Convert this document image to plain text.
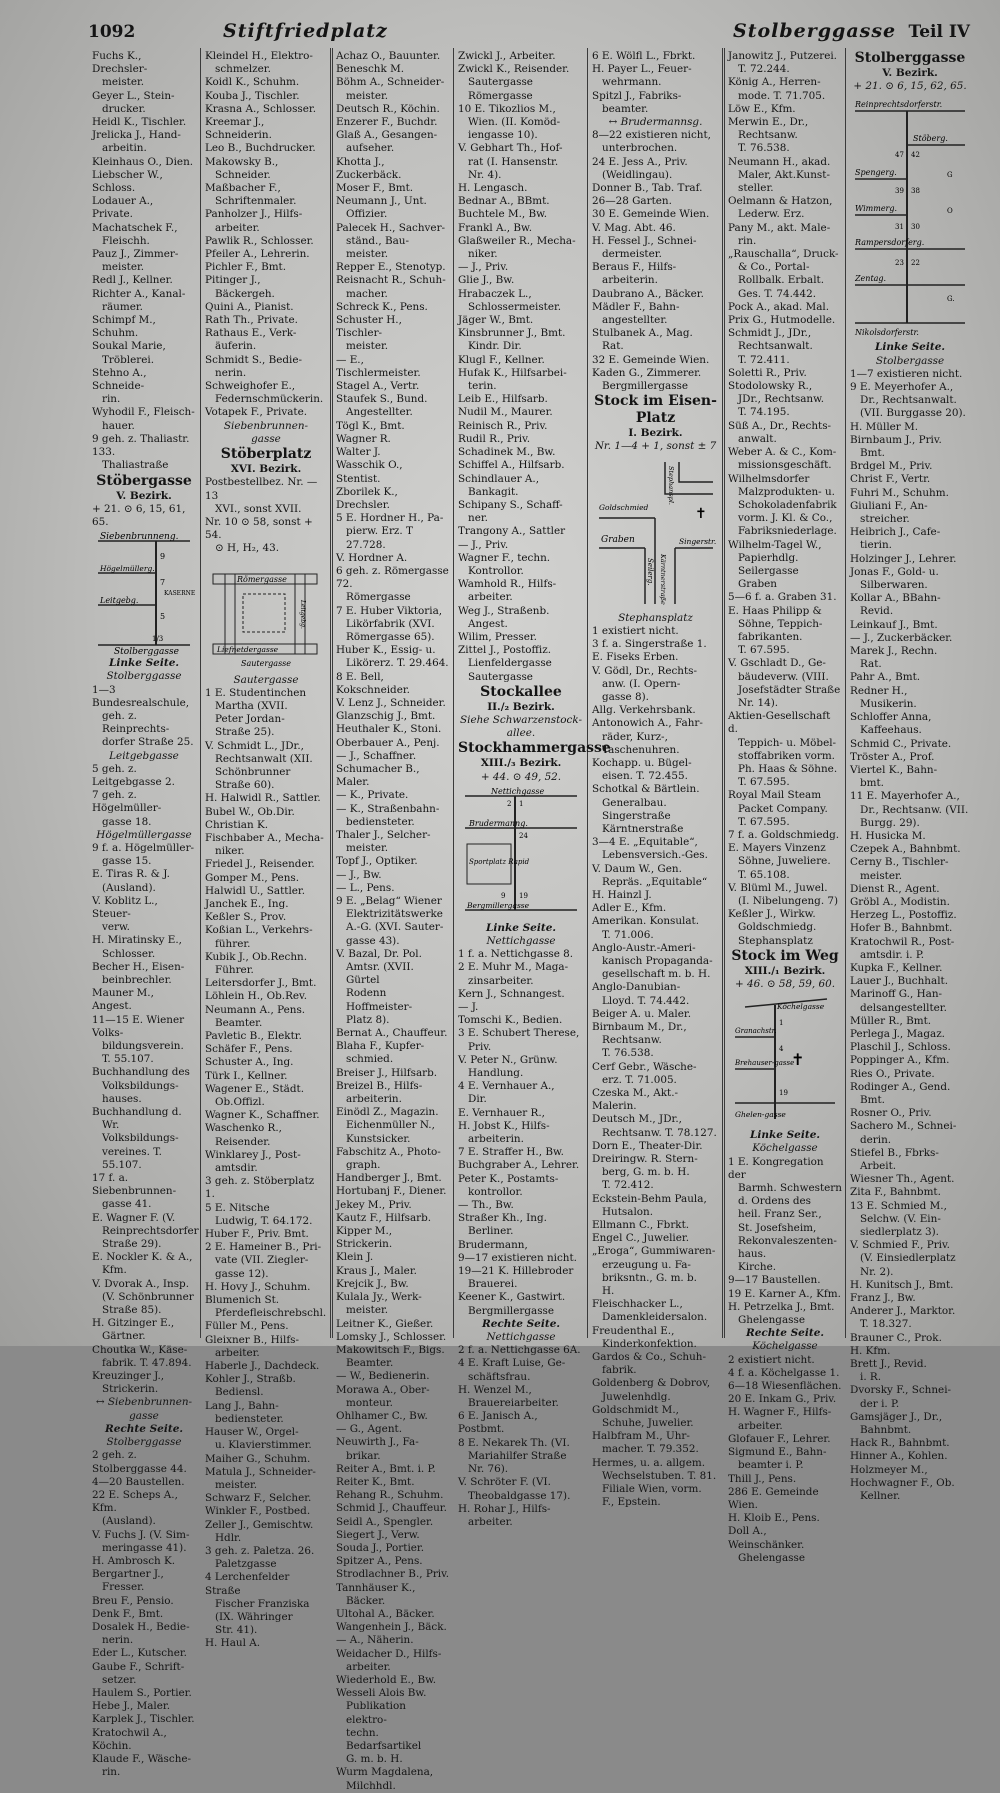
1092	Stiftfriedplatz	Stolberggasse Teil IV

Fuchs K., Drechsler-

meister.

Geyer L., Stein-

drucker.

Heidl K., Tischler.

Jrelicka J., Hand-

arbeitin.

Kleinhaus O., Dien.

Liebscher W., Schloss.

Lodauer A., Private.

Machatschek F.,

Fleischh.

Pauz J., Zimmer-

meister.

Redl J., Kellner.

Richter A., Kanal-

räumer.

Schimpf M., Schuhm.

Soukal Marie,

Tröblerei.

Stehno A., Schneide-

rin.

Wyhodil F., Fleisch-

hauer.

9 geh. z. Thaliastr. 133.

Thaliastraße

Stöbergasse

V. Bezirk.

+ 21. ⊙ 6, 15, 61, 65.

Siebenbrunneng.
Högelmüllerg.
Leitgebg.
Stolberggasse
9
7
5
1/3
KASERNE

Linke Seite.

Stolberggasse

1—3 Bundesrealschule,

geh. z. Reinprechts-

dorfer Straße 25.

Leitgebgasse

5 geh. z. Leitgebgasse 2.

7 geh. z. Högelmüller-

gasse 18.

Högelmüllergasse

9 f. a. Högelmüller-

gasse 15.

E. Tiras R. & J.

(Ausland).

V. Koblitz L., Steuer-

verw.

H. Miratinsky E.,

Schlosser.

Becher H., Eisen-

beinbrechler.

Mauner M., Angest.

11—15 E. Wiener Volks-

bildungsverein.

T. 55.107.

Buchhandlung des

Volksbildungs-

hauses.

Buchhandlung d.

Wr. Volksbildungs-

vereines. T. 55.107.

17 f. a. Siebenbrunnen-

gasse 41.

E. Wagner F. (V.

Reinprechtsdorfer

Straße 29).

E. Nockler K. & A.,

Kfm.

V. Dvorak A., Insp.

(V. Schönbrunner

Straße 85).

H. Gitzinger E.,

Gärtner.

Choutka W., Käse-

fabrik. T. 47.894.

Kreuzinger J.,

Strickerin.

↔ Siebenbrunnen-

gasse

Rechte Seite.

Stolberggasse

2 geh. z. Stolberggasse 44.

4—20 Baustellen.

22 E. Scheps A., Kfm.

(Ausland).

V. Fuchs J. (V. Sim-

meringasse 41).

H. Ambrosch K.

Bergartner J.,

Fresser.

Breu F., Pensio.

Denk F., Bmt.

Dosalek H., Bedie-

nerin.

Eder L., Kutscher.

Gaube F., Schrift-

setzer.

Haulem S., Portier.

Hebe J., Maler.

Karplek J., Tischler.

Kratochwil A., Köchin.

Klaude F., Wäsche-

rin.

Kleindel H., Elektro-

schmelzer.

Koidl K., Schuhm.

Kouba J., Tischler.

Krasna A., Schlosser.

Kreemar J., Schneiderin.

Leo B., Buchdrucker.

Makowsky B.,

Schneider.

Maßbacher F.,

Schriftenmaler.

Panholzer J., Hilfs-

arbeiter.

Pawlik R., Schlosser.

Pfeiler A., Lehrerin.

Pichler F., Bmt.

Pitinger J.,

Bäckergeh.

Quini A., Pianist.

Rath Th., Private.

Rathaus E., Verk-

äuferin.

Schmidt S., Bedie-

nerin.

Schweighofer E.,

Federnschmückerin.

Votapek F., Private.

Siebenbrunnen-

gasse

Stöberplatz

XVI. Bezirk.

Postbestellbez. Nr. —13

XVI., sonst XVII.

Nr. 10 ⊙ 58, sonst + 54.

⊙ H, H₂, 43.

Römergasse
Sautergasse
Liefnetdergasse
Leitgebg.

Sautergasse

1 E. Studentinchen

Martha (XVII.

Peter Jordan-

Straße 25).

V. Schmidt L., JDr.,

Rechtsanwalt (XII.

Schönbrunner

Straße 60).

H. Halwidl R., Sattler.

Bubel W., Ob.Dir.

Christian K.

Fischbaber A., Mecha-

niker.

Friedel J., Reisender.

Gomper M., Pens.

Halwidl U., Sattler.

Janchek E., Ing.

Keßler S., Prov.

Koßian L., Verkehrs-

führer.

Kubik J., Ob.Rechn.

Führer.

Leitersdorfer J., Bmt.

Löhlein H., Ob.Rev.

Neumann A., Pens.

Beamter.

Pavletic B., Elektr.

Schäfer F., Pens.

Schuster A., Ing.

Türk I., Kellner.

Wagener E., Städt.

Ob.Offizl.

Wagner K., Schaffner.

Waschenko R.,

Reisender.

Winklarey J., Post-

amtsdir.

3 geh. z. Stöberplatz 1.

5 E. Nitsche

Ludwig, T. 64.172.

Huber F., Priv. Bmt.

2 E. Hameiner B., Pri-

vate (VII. Ziegler-

gasse 12).

H. Hovy J., Schuhm.

Blumenich St.

Pferdefleischrebschl.

Füller M., Pens.

Gleixner B., Hilfs-

arbeiter.

Haberle J., Dachdeck.

Kohler J., Straßb.

Bediensl.

Lang J., Bahn-

bediensteter.

Hauser W., Orgel-

u. Klavierstimmer.

Maiher G., Schuhm.

Matula J., Schneider-

meister.

Schwarz F., Selcher.

Winkler F., Postbed.

Zeller J., Gemischtw.

Hdlr.

3 geh. z. Paletza. 26.

Paletzgasse

4 Lerchenfelder Straße

Fischer Franziska

(IX. Währinger

Str. 41).

H. Haul A.

Achaz O., Bauunter.

Beneschk M.

Böhm A., Schneider-

meister.

Deutsch R., Köchin.

Enzerer F., Buchdr.

Glaß A., Gesangen-

aufseher.

Khotta J., Zuckerbäck.

Moser F., Bmt.

Neumann J., Unt.

Offizier.

Palecek H., Sachver-

ständ., Bau-

meister.

Repper E., Stenotyp.

Reisnacht R., Schuh-

macher.

Schreck K., Pens.

Schuster H., Tischler-

meister.

— E., Tischlermeister.

Stagel A., Vertr.

Staufek S., Bund.

Angestellter.

Tögl K., Bmt.

Wagner R.

Walter J.

Wasschik O., Stentist.

Zborilek K., Drechsler.

5 E. Hordner H., Pa-

pierw. Erz. T 27.728.

V. Hordner A.

6 geh. z. Römergasse 72.

Römergasse

7 E. Huber Viktoria,

Likörfabrik (XVI.

Römergasse 65).

Huber K., Essig- u.

Likörerz. T. 29.464.

8 E. Bell, Kokschneider.

V. Lenz J., Schneider.

Glanzschig J., Bmt.

Heuthaler K., Stoni.

Oberbauer A., Penj.

— J., Schaffner.

Schumacher B., Maler.

— K., Private.

— K., Straßenbahn-

bediensteter.

Thaler J., Selcher-

meister.

Topf J., Optiker.

— J., Bw.

— L., Pens.

9 E. „Belag“ Wiener

Elektrizitätswerke

A.-G. (XVI. Sauter-

gasse 43).

V. Bazal, Dr. Pol.

Amtsr. (XVII. Gürtel

Rodenn Hoffmeister-

Platz 8).

Bernat A., Chauffeur.

Blaha F., Kupfer-

schmied.

Breiser J., Hilfsarb.

Breizel B., Hilfs-

arbeiterin.

Einödl Z., Magazin.

Eichenmüller N.,

Kunstsicker.

Fabschitz A., Photo-

graph.

Handberger J., Bmt.

Hortubanj F., Diener.

Jekey M., Priv.

Kautz F., Hilfsarb.

Kipper M., Strickerin.

Klein J.

Kraus J., Maler.

Krejcik J., Bw.

Kulala Jy., Werk-

meister.

Leitner K., Gießer.

Lomsky J., Schlosser.

Makowitsch F., Bigs.

Beamter.

— W., Bedienerin.

Morawa A., Ober-

monteur.

Ohlhamer C., Bw.

— G., Agent.

Neuwirth J., Fa-

brikar.

Reiter A., Bmt. i. P.

Reiter K., Bmt.

Rehang R., Schuhm.

Schmid J., Chauffeur.

Seidl A., Spengler.

Siegert J., Verw.

Souda J., Portier.

Spitzer A., Pens.

Strodlachner B., Priv.

Tannhäuser K.,

Bäcker.

Ultohal A., Bäcker.

Wangenhein J., Bäck.

— A., Näherin.

Weidacher D., Hilfs-

arbeiter.

Wiederhold E., Bw.

Wesseli Alois Bw.

Publikation elektro-

techn. Bedarfsartikel

G. m. b. H.

Wurm Magdalena,

Milchhdl.

Zwickl J., Arbeiter.

Zwickl K., Reisender.

Sautergasse

Römergasse

10 E. Tikozlios M.,

Wien. (II. Komöd-

iengasse 10).

V. Gebhart Th., Hof-

rat (I. Hansenstr.

Nr. 4).

H. Lengasch.

Bednar A., BBmt.

Buchtele M., Bw.

Frankl A., Bw.

Glaßweiler R., Mecha-

niker.

— J., Priv.

Glie J., Bw.

Hrabaczek L.,

Schlossermeister.

Jäger W., Bmt.

Kinsbrunner J., Bmt.

Kindr. Dir.

Klugl F., Kellner.

Hufak K., Hilfsarbei-

terin.

Leib E., Hilfsarb.

Nudil M., Maurer.

Reinisch R., Priv.

Rudil R., Priv.

Schadinek M., Bw.

Schiffel A., Hilfsarb.

Schindlauer A.,

Bankagit.

Schipany S., Schaff-

ner.

Trangony A., Sattler

— J., Priv.

Wagner F., techn.

Kontrollor.

Wamhold R., Hilfs-

arbeiter.

Weg J., Straßenb.

Angest.

Wilim, Presser.

Zittel J., Postoffiz.

Lienfeldergasse

Sautergasse

Stockallee

II./₂ Bezirk.

Siehe Schwarzenstock-

allee.

Stockhammergasse

XIII./₃ Bezirk.

+ 44. ⊙ 49, 52.

Nettichgasse
Brudermanng.
Sportplatz Rapid
Bergmillergasse
1
2
24
19
9

Linke Seite.

Nettichgasse

1 f. a. Nettichgasse 8.

2 E. Muhr M., Maga-

zinsarbeiter.

Kern J., Schnangest.

— J.

Tomschi K., Bedien.

3 E. Schubert Therese,

Priv.

V. Peter N., Grünw.

Handlung.

4 E. Vernhauer A.,

Dir.

E. Vernhauer R.,

H. Jobst K., Hilfs-

arbeiterin.

7 E. Straffer H., Bw.

Buchgraber A., Lehrer.

Peter K., Postamts-

kontrollor.

— Th., Bw.

Straßer Kh., Ing.

Berliner.

Brudermann,

9—17 existieren nicht.

19—21 K. Hillebroder

Brauerei.

Keener K., Gastwirt.

Bergmillergasse

Rechte Seite.

Nettichgasse

2 f. a. Nettichgasse 6A.

4 E. Kraft Luise, Ge-

schäftsfrau.

H. Wenzel M.,

Brauereiarbeiter.

6 E. Janisch A., Postbmt.

8 E. Nekarek Th. (VI.

Mariahilfer Straße

Nr. 76).

V. Schröter F. (VI.

Theobaldgasse 17).

H. Rohar J., Hilfs-

arbeiter.

6 E. Wölfl L., Fbrkt.

H. Payer L., Feuer-

wehrmann.

Spitzl J., Fabriks-

beamter.

↔ Brudermannsg.

8—22 existieren nicht,

unterbrochen.

24 E. Jess A., Priv.

(Weidlingau).

Donner B., Tab. Traf.

26—28 Garten.

30 E. Gemeinde Wien.

V. Mag. Abt. 46.

H. Fessel J., Schnei-

dermeister.

Beraus F., Hilfs-

arbeiterin.

Daubrano A., Bäcker.

Mädler F., Bahn-

angestellter.

Stulbanek A., Mag.

Rat.

32 E. Gemeinde Wien.

Kaden G., Zimmerer.

Bergmillergasse

Stock im Eisen-

Platz

I. Bezirk.

Nr. 1—4 + 1, sonst ± 7

✝
Goldschmied
Graben
Seilerg. Kärntnerstraße
Stephanspl.
Singerstr.

Stephansplatz

1 existiert nicht.

3 f. a. Singerstraße 1.

E. Fiseks Erben.

V. Gödl, Dr., Rechts-

anw. (I. Opern-

gasse 8).

Allg. Verkehrsbank.

Antonowich A., Fahr-

räder, Kurz-,

Taschenuhren.

Kochapp. u. Bügel-

eisen. T. 72.455.

Schotkal & Bärtlein.

Generalbau.

Singerstraße

Kärntnerstraße

3—4 E. „Equitable“,

Lebensversich.-Ges.

V. Daum W., Gen.

Repräs. „Equitable“

H. Hainzl J.

Adler E., Kfm.

Amerikan. Konsulat.

T. 71.006.

Anglo-Austr.-Ameri-

kanisch Propaganda-

gesellschaft m. b. H.

Anglo-Danubian-

Lloyd. T. 74.442.

Beiger A. u. Maler.

Birnbaum M., Dr.,

Rechtsanw.

T. 76.538.

Cerf Gebr., Wäsche-

erz. T. 71.005.

Czeska M., Akt.-Malerin.

Deutsch M., JDr.,

Rechtsanw. T. 78.127.

Dorn E., Theater-Dir.

Dreiringw. R. Stern-

berg, G. m. b. H.

T. 72.412.

Eckstein-Behm Paula,

Hutsalon.

Ellmann C., Fbrkt.

Engel C., Juwelier.

„Eroga“, Gummiwaren-

erzeugung u. Fa-

briksntn., G. m. b.

H.

Fleischhacker L.,

Damenkleidersalon.

Freudenthal E.,

Kinderkonfektion.

Gardos & Co., Schuh-

fabrik.

Goldenberg & Dobrov,

Juwelenhdlg.

Goldschmidt M.,

Schuhe, Juwelier.

Halbfram M., Uhr-

macher. T. 79.352.

Hermes, u. a. allgem.

Wechselstuben. T. 81.

Filiale Wien, vorm.

F., Epstein.

Janowitz J., Putzerei.

T. 72.244.

König A., Herren-

mode. T. 71.705.

Löw E., Kfm.

Merwin E., Dr.,

Rechtsanw.

T. 76.538.

Neumann H., akad.

Maler, Akt.Kunst-

steller.

Oelmann & Hatzon,

Lederw. Erz.

Pany M., akt. Male-

rin.

„Rauschalla“, Druck-

& Co., Portal-

Rollbalk. Erbalt.

Ges. T. 74.442.

Pock A., akad. Mal.

Prix G., Hutmodelle.

Schmidt J., JDr.,

Rechtsanwalt.

T. 72.411.

Soletti R., Priv.

Stodolowsky R.,

JDr., Rechtsanw.

T. 74.195.

Süß A., Dr., Rechts-

anwalt.

Weber A. & C., Kom-

missionsgeschäft.

Wilhelmsdorfer

Malzprodukten- u.

Schokoladenfabrik

vorm. J. Kl. & Co.,

Fabriksniederlage.

Wilhelm-Tagel W.,

Papierhdlg.

Seilergasse

Graben

5—6 f. a. Graben 31.

E. Haas Philipp &

Söhne, Teppich-

fabrikanten.

T. 67.595.

V. Gschladt D., Ge-

bäudeverw. (VIII.

Josefstädter Straße

Nr. 14).

Aktien-Gesellschaft d.

Teppich- u. Möbel-

stoffabriken vorm.

Ph. Haas & Söhne.

T. 67.595.

Royal Mail Steam

Packet Company.

T. 67.595.

7 f. a. Goldschmiedg.

E. Mayers Vinzenz

Söhne, Juweliere.

T. 65.108.

V. Blüml M., Juwel.

(I. Nibelungeng. 7)

Keßler J., Wirkw.

Goldschmiedg.

Stephansplatz

Stock im Weg

XIII./₁ Bezirk.

+ 46. ⊙ 58, 59, 60.

✝
Köchelgasse
Granachstr.
Brehauser-gasse
Ghelen-gasse
1
4
19

Linke Seite.

Köchelgasse

1 E. Kongregation der

Barmh. Schwestern

d. Ordens des

heil. Franz Ser.,

St. Josefsheim,

Rekonvaleszenten-

haus.

Kirche.

9—17 Baustellen.

19 E. Karner A., Kfm.

H. Petrzelka J., Bmt.

Ghelengasse

Rechte Seite.

Köchelgasse

2 existiert nicht.

4 f. a. Köchelgasse 1.

6—18 Wiesenflächen.

20 E. Inkam G., Priv.

H. Wagner F., Hilfs-

arbeiter.

Glofauer F., Lehrer.

Sigmund E., Bahn-

beamter i. P.

Thill J., Pens.

286 E. Gemeinde Wien.

H. Kloib E., Pens.

Doll A., Weinschänker.

Ghelengasse

Stolberggasse

V. Bezirk.

+ 21. ⊙ 6, 15, 62, 65.

Reinprechtsdorferstr.
Stöberg.
Spengerg.
Wimmerg.
Rampersdorferg.
Zentag.
Nikolsdorferstr.
47 42
39 38
31 30
23 22
G
O
G.

Linke Seite.

Stolbergasse

1—7 existieren nicht.

9 E. Meyerhofer A.,

Dr., Rechtsanwalt.

(VII. Burggasse 20).

H. Müller M.

Birnbaum J., Priv.

Bmt.

Brdgel M., Priv.

Christ F., Vertr.

Fuhri M., Schuhm.

Giuliani F., An-

streicher.

Heibrich J., Cafe-

tierin.

Holzinger J., Lehrer.

Jonas F., Gold- u.

Silberwaren.

Kollar A., BBahn-

Revid.

Leinkauf J., Bmt.

— J., Zuckerbäcker.

Marek J., Rechn.

Rat.

Pahr A., Bmt.

Redner H.,

Musikerin.

Schloffer Anna,

Kaffeehaus.

Schmid C., Private.

Tröster A., Prof.

Viertel K., Bahn-

bmt.

11 E. Mayerhofer A.,

Dr., Rechtsanw. (VII.

Burgg. 29).

H. Husicka M.

Czepek A., Bahnbmt.

Cerny B., Tischler-

meister.

Dienst R., Agent.

Gröbl A., Modistin.

Herzeg L., Postoffiz.

Hofer B., Bahnbmt.

Kratochwil R., Post-

amtsdir. i. P.

Kupka F., Kellner.

Lauer J., Buchhalt.

Marinoff G., Han-

delsangestellter.

Müller R., Bmt.

Perlega J., Magaz.

Plaschil J., Schloss.

Poppinger A., Kfm.

Ries O., Private.

Rodinger A., Gend.

Bmt.

Rosner O., Priv.

Sachero M., Schnei-

derin.

Stiefel B., Fbrks-

Arbeit.

Wiesner Th., Agent.

Zita F., Bahnbmt.

13 E. Schmied M.,

Selchw. (V. Ein-

siedlerplatz 3).

V. Schmied F., Priv.

(V. Einsiedlerplatz

Nr. 2).

H. Kunitsch J., Bmt.

Franz J., Bw.

Anderer J., Marktor.

T. 18.327.

Brauner C., Prok.

H. Kfm.

Brett J., Revid.

i. R.

Dvorsky F., Schnei-

der i. P.

Gamsjäger J., Dr.,

Bahnbmt.

Hack R., Bahnbmt.

Hinner A., Kohlen.

Holzmeyer M.,

Hochwagner F., Ob.

Kellner.
